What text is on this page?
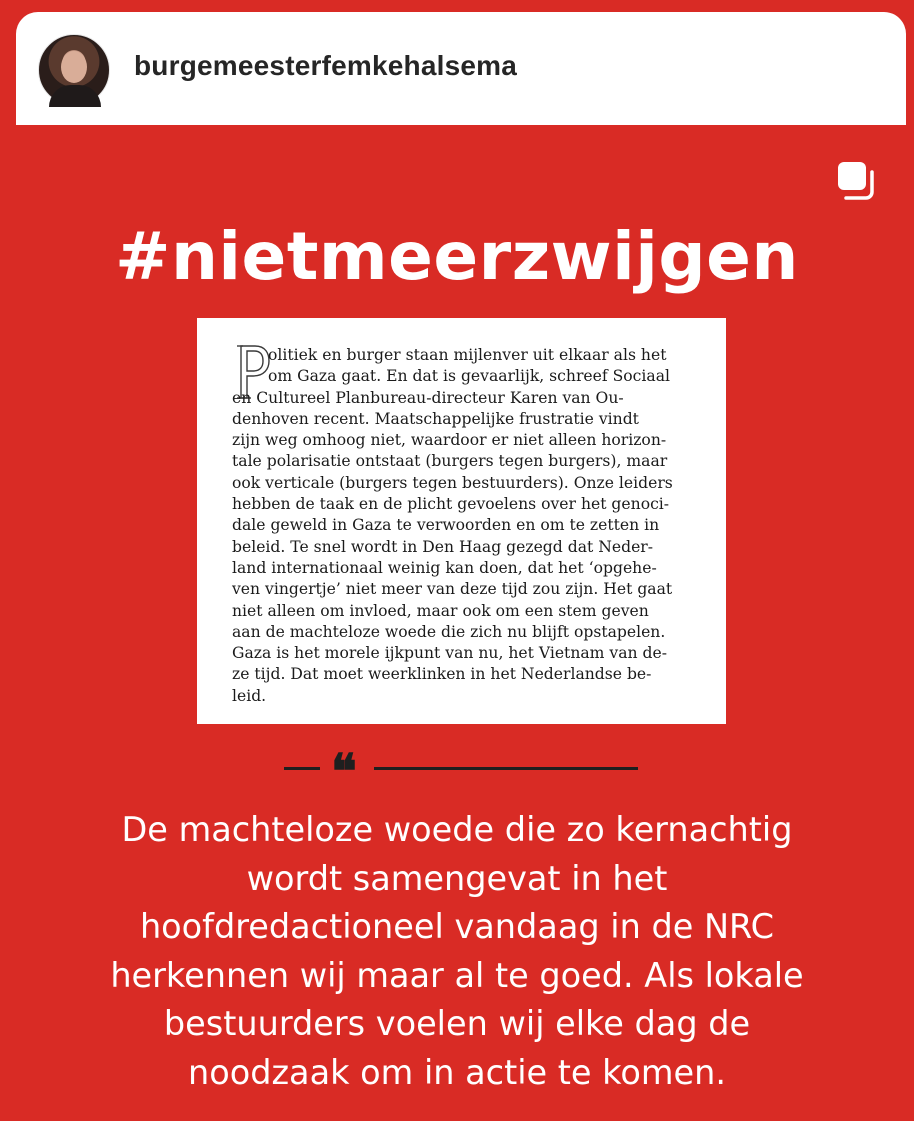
burgemeesterfemkehalsema
#nietmeerzwijgen
olitiek en burger staan mijlenver uit elkaar als het
om Gaza gaat. En dat is gevaarlijk, schreef Sociaal
en Cultureel Planbureau-directeur Karen van Ou-
denhoven recent. Maatschappelijke frustratie vindt
zijn weg omhoog niet, waardoor er niet alleen horizon-
tale polarisatie ontstaat (burgers tegen burgers), maar
ook verticale (burgers tegen bestuurders). Onze leiders
hebben de taak en de plicht gevoelens over het genoci-
dale geweld in Gaza te verwoorden en om te zetten in
beleid. Te snel wordt in Den Haag gezegd dat Neder-
land internationaal weinig kan doen, dat het ‘opgehe-
ven vingertje’ niet meer van deze tijd zou zijn. Het gaat
niet alleen om invloed, maar ook om een stem geven
aan de machteloze woede die zich nu blijft opstapelen.
Gaza is het morele ijkpunt van nu, het Vietnam van de-
ze tijd. Dat moet weerklinken in het Nederlandse be-
leid.
❝
De machteloze woede die zo kernachtig
wordt samengevat in het
hoofdredactioneel vandaag in de NRC
herkennen wij maar al te goed. Als lokale
bestuurders voelen wij elke dag de
noodzaak om in actie te komen.
